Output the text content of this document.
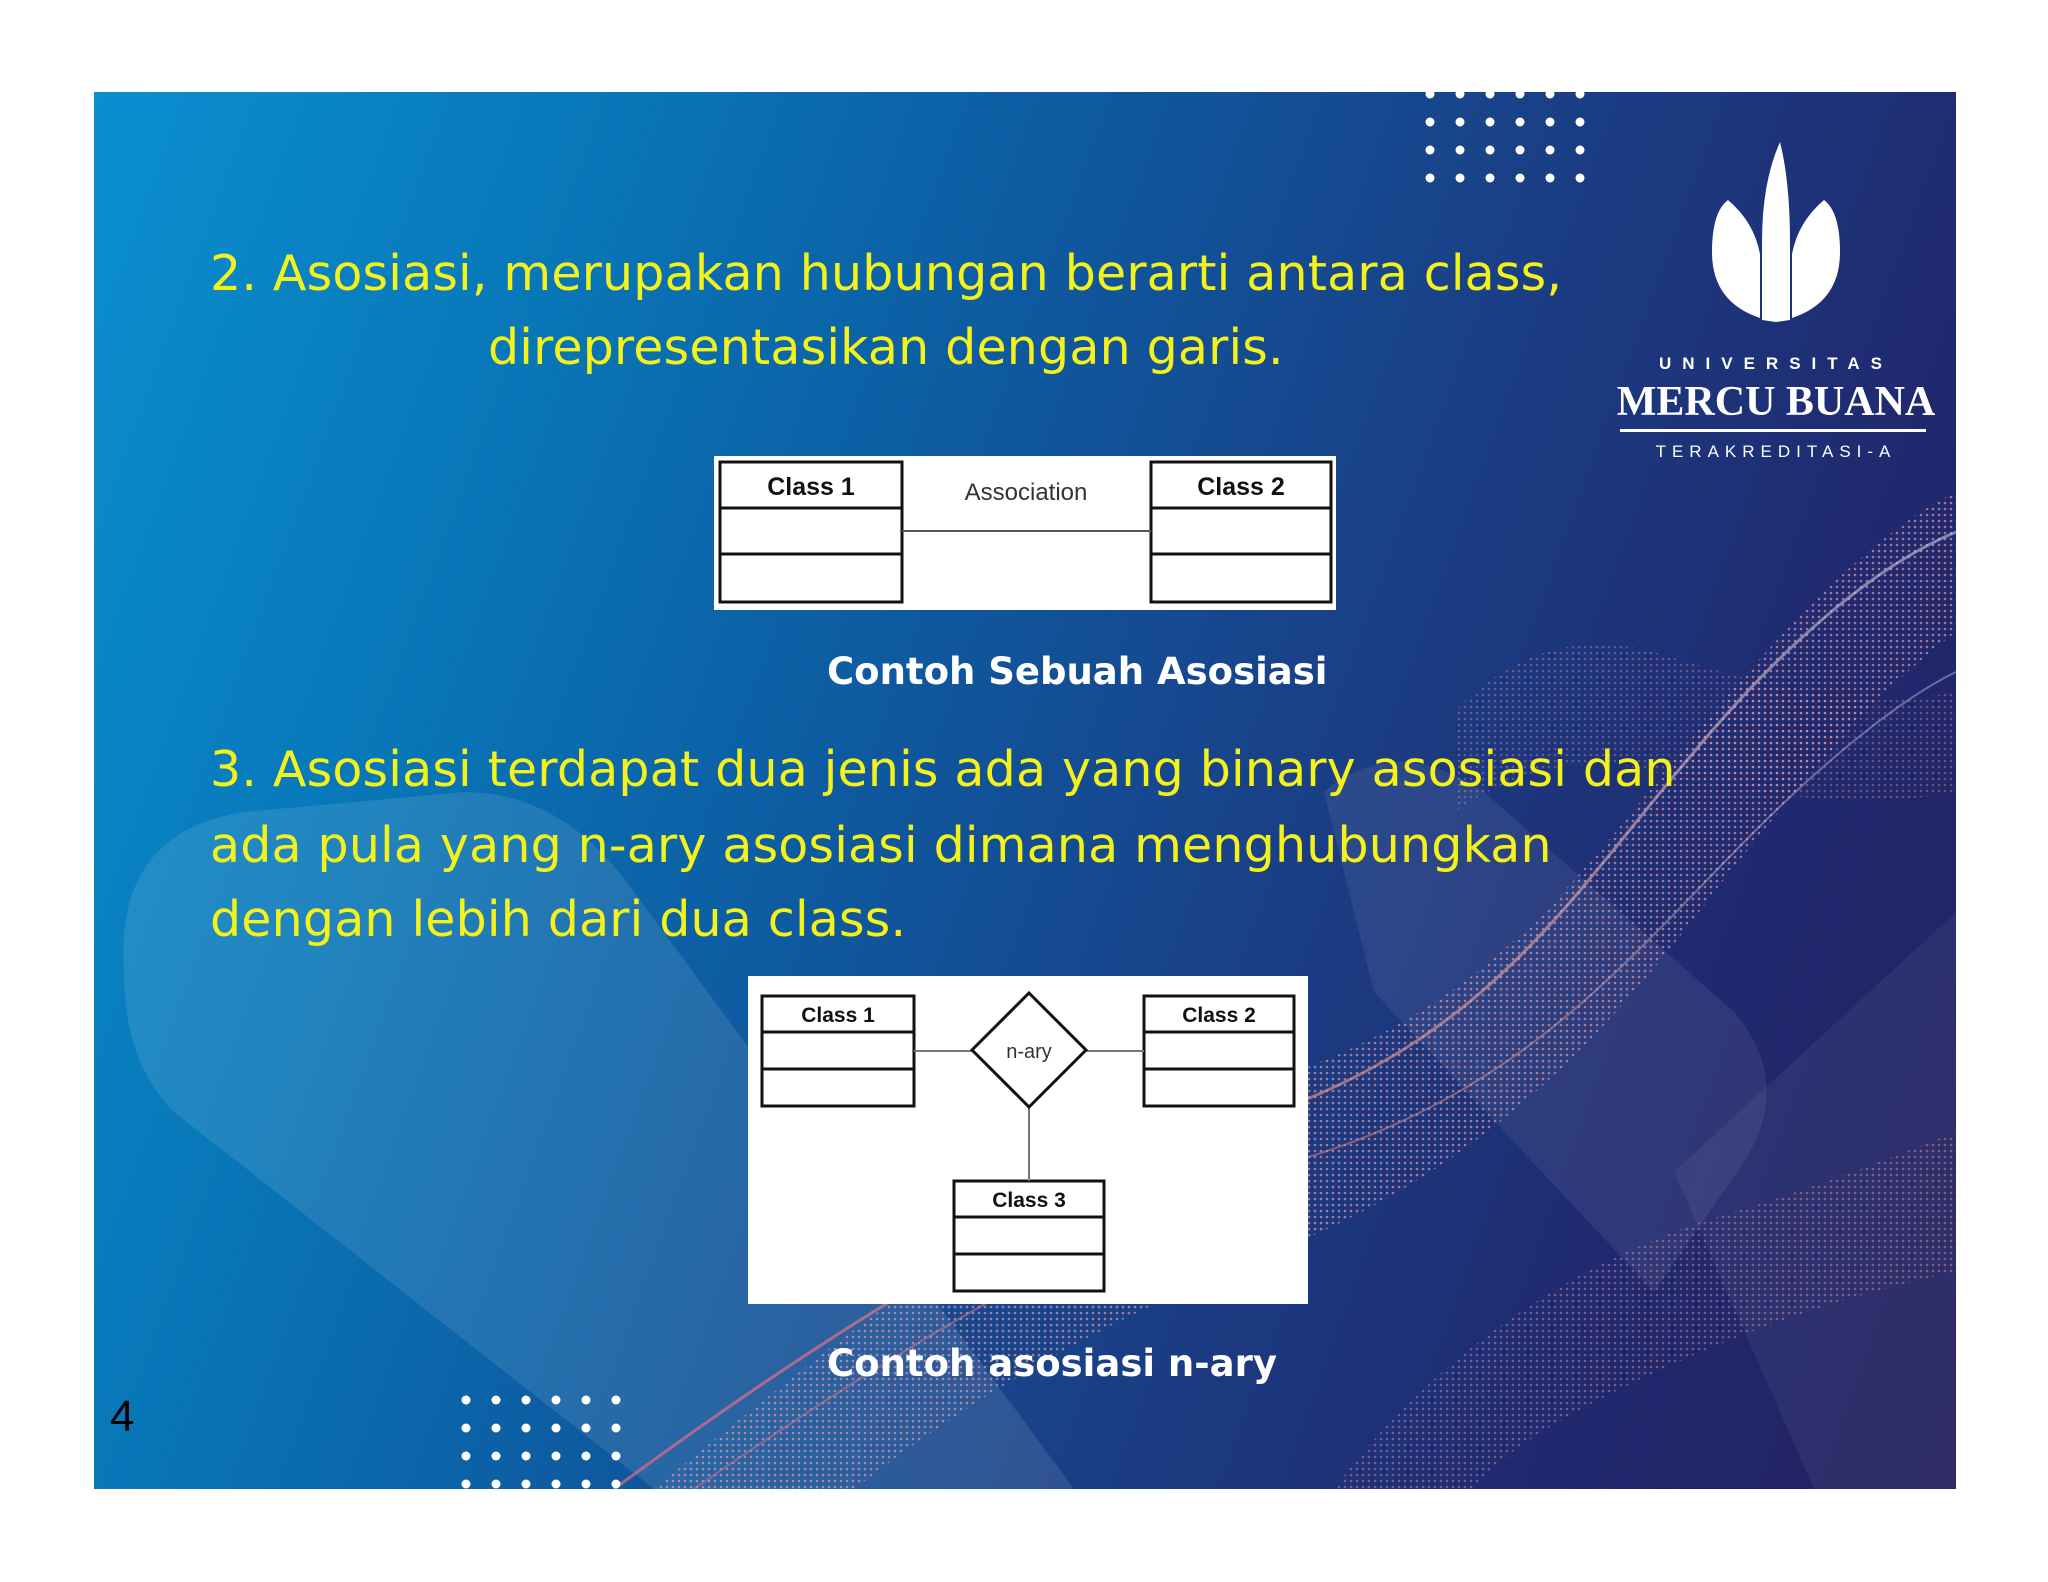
UNIVERSITAS
MERCU BUANA
TERAKREDITASI-A

2. Asosiasi, merupakan hubungan berarti antara class,

direpresentasikan dengan garis.

Class 1	Class 2
Association

Contoh Sebuah Asosiasi

3. Asosiasi terdapat dua jenis ada yang binary asosiasi dan

ada pula yang n-ary asosiasi dimana menghubungkan

dengan lebih dari dua class.

Class 1	Class 2
Class 3
n-ary

Contoh asosiasi n-ary

4
